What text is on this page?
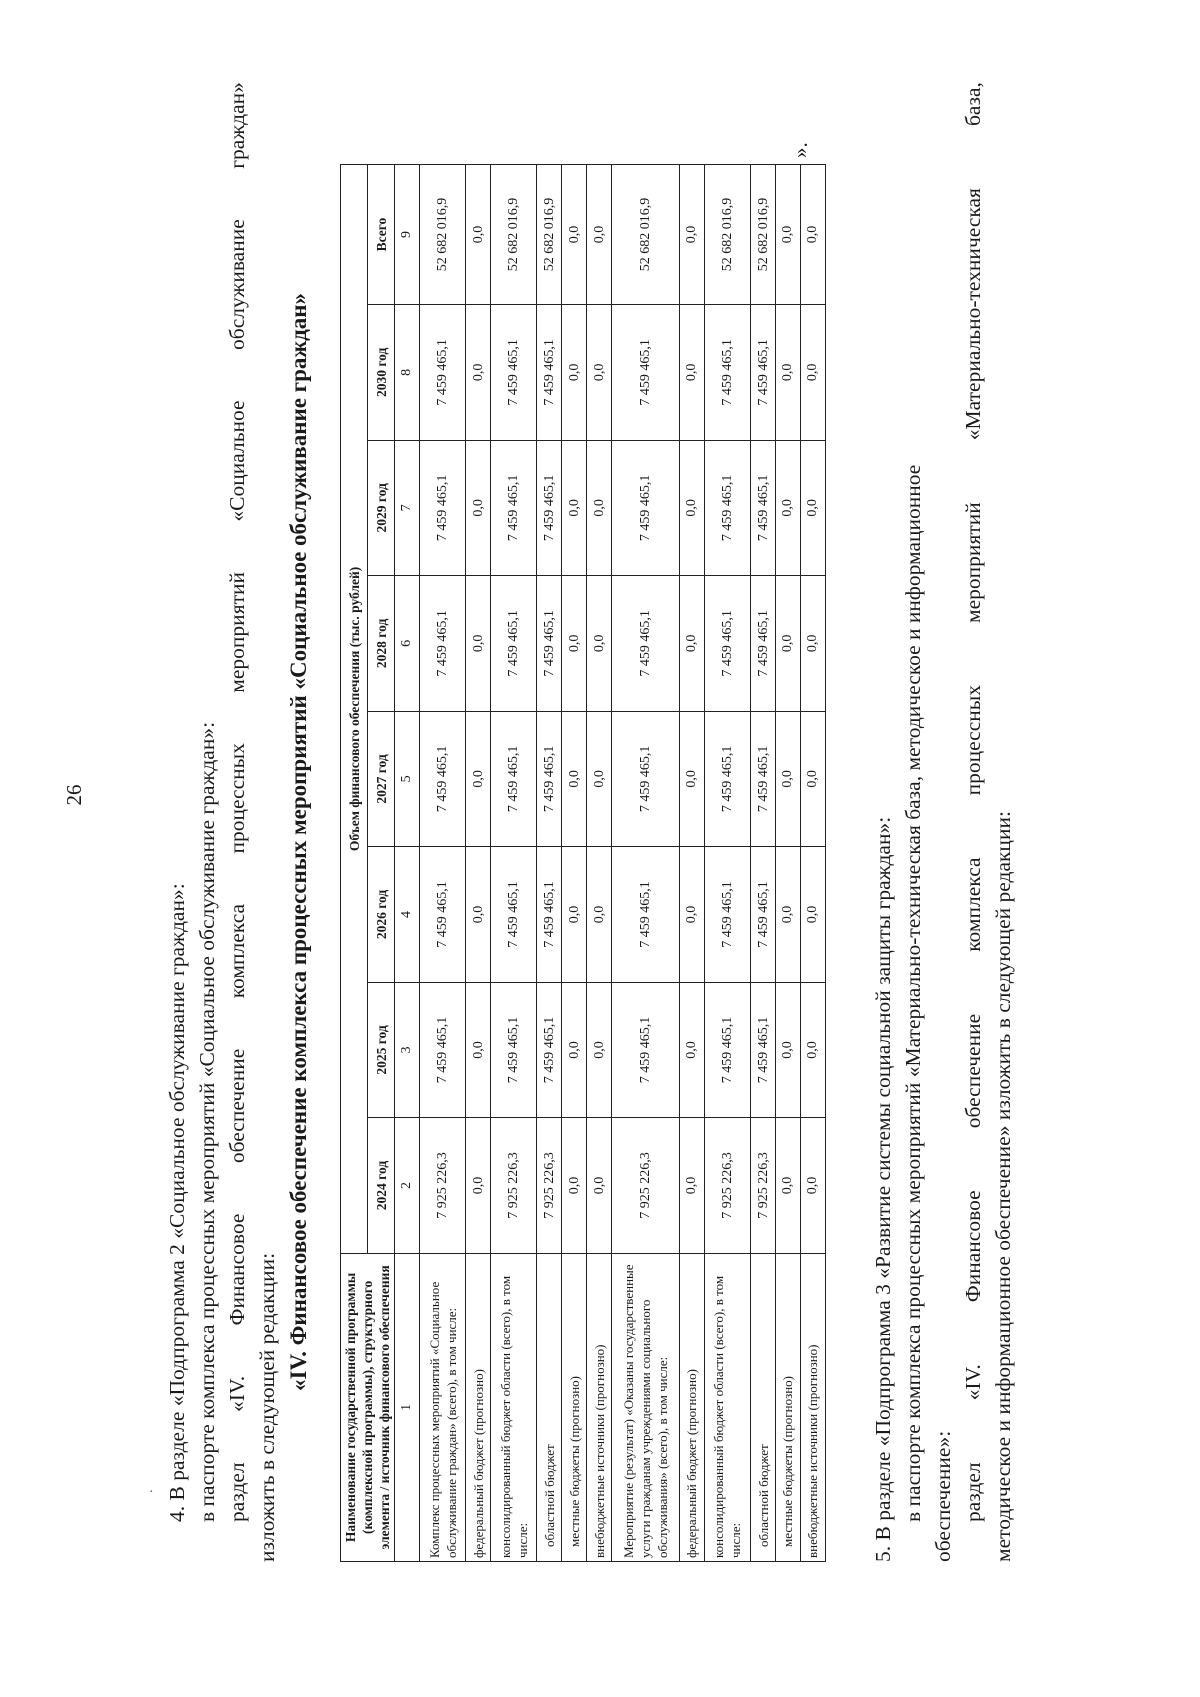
26

4. В разделе «Подпрограмма 2 «Социальное обслуживание граждан»: в паспорте комплекса процессных мероприятий «Социальное обслуживание граждан»: раздел
«IV.
Финансовое
обеспечение
комплекса
процессных
мероприятий
«Социальное
обслуживание
граждан»

изложить в следующей редакции:

«IV. Финансовое обеспечение комплекса процессных мероприятий «Социальное обслуживание граждан»
Наименование государственной программы (комплексной программы), структурного элемента / источник финансового обеспечения	Объем финансового обеспечения (тыс. рублей)							
	2024 год	2025 год	2026 год	2027 год	2028 год	2029 год	2030 год	Всего
1	2	3	4	5	6	7	8	9
Комплекс процессных мероприятий «Социальное обслуживание граждан» (всего), в том числе:	7 925 226,3	7 459 465,1	7 459 465,1	7 459 465,1	7 459 465,1	7 459 465,1	7 459 465,1	52 682 016,9
федеральный бюджет (прогнозно)	0,0	0,0	0,0	0,0	0,0	0,0	0,0	0,0
консолидированный бюджет области (всего), в том числе:	7 925 226,3	7 459 465,1	7 459 465,1	7 459 465,1	7 459 465,1	7 459 465,1	7 459 465,1	52 682 016,9
областной бюджет	7 925 226,3	7 459 465,1	7 459 465,1	7 459 465,1	7 459 465,1	7 459 465,1	7 459 465,1	52 682 016,9
местные бюджеты (прогнозно)	0,0	0,0	0,0	0,0	0,0	0,0	0,0	0,0
внебюджетные источники (прогнозно)	0,0	0,0	0,0	0,0	0,0	0,0	0,0	0,0
Мероприятие (результат) «Оказаны государственные услуги гражданам учреждениями социального обслуживания» (всего), в том числе:	7 925 226,3	7 459 465,1	7 459 465,1	7 459 465,1	7 459 465,1	7 459 465,1	7 459 465,1	52 682 016,9
федеральный бюджет (прогнозно)	0,0	0,0	0,0	0,0	0,0	0,0	0,0	0,0
консолидированный бюджет области (всего), в том числе:	7 925 226,3	7 459 465,1	7 459 465,1	7 459 465,1	7 459 465,1	7 459 465,1	7 459 465,1	52 682 016,9
областной бюджет	7 925 226,3	7 459 465,1	7 459 465,1	7 459 465,1	7 459 465,1	7 459 465,1	7 459 465,1	52 682 016,9
местные бюджеты (прогнозно)	0,0	0,0	0,0	0,0	0,0	0,0	0,0	0,0
внебюджетные источники (прогнозно)	0,0	0,0	0,0	0,0	0,0	0,0	0,0	0,0
».

5. В разделе «Подпрограмма 3 «Развитие системы социальной защиты граждан»: в паспорте комплекса процессных мероприятий «Материально-техническая база, методическое и информационное обеспечение»: раздел
«IV.
Финансовое
обеспечение
комплекса
процессных
мероприятий
«Материально-техническая
база,

методическое и информационное обеспечение» изложить в следующей редакции:

·
